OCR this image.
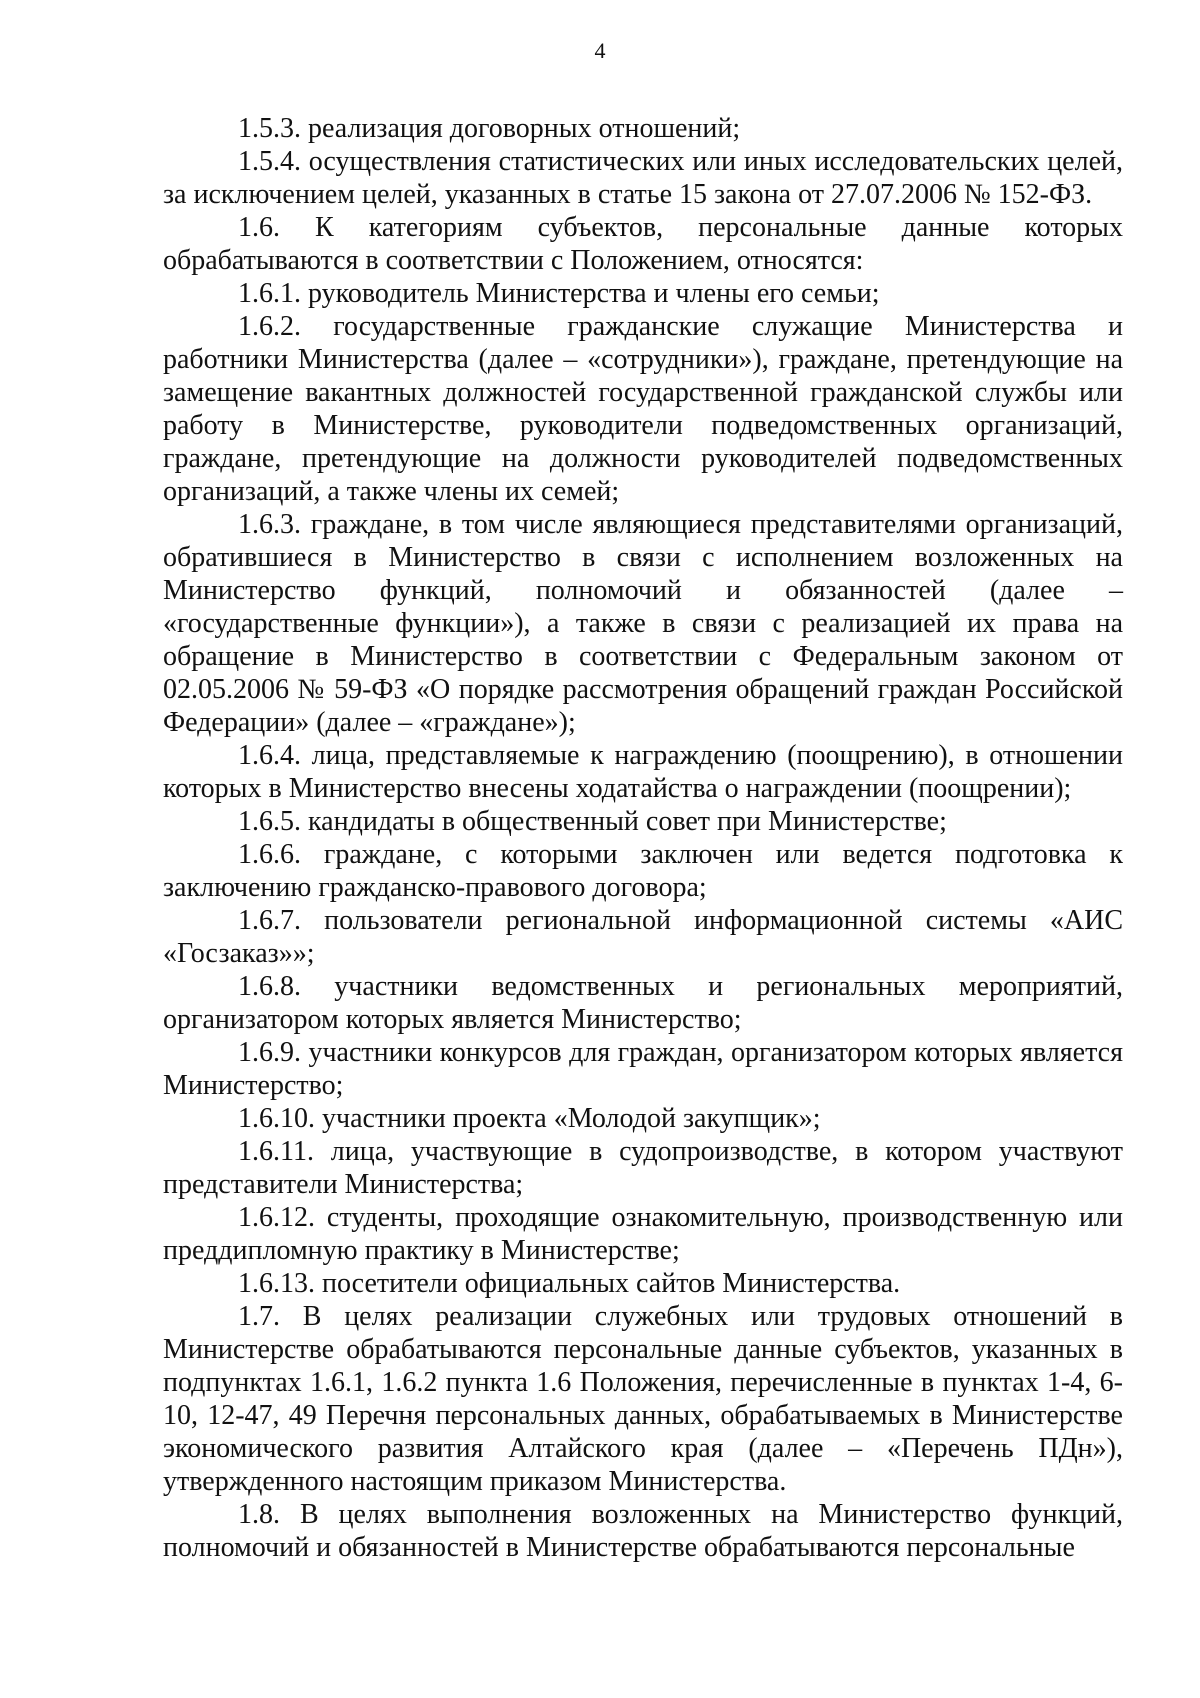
4

1.5.3. реализация договорных отношений;

1.5.4. осуществления статистических или иных исследовательских целей, за исключением целей, указанных в статье 15 закона от 27.07.2006 № 152-ФЗ.

1.6. К категориям субъектов, персональные данные которых обрабатываются в соответствии с Положением, относятся:

1.6.1. руководитель Министерства и члены его семьи;

1.6.2. государственные гражданские служащие Министерства и работники Министерства (далее – «сотрудники»), граждане, претендующие на замещение вакантных должностей государственной гражданской службы или работу в Министерстве, руководители подведомственных организаций, граждане, претендующие на должности руководителей подведомственных организаций, а также члены их семей;

1.6.3. граждане, в том числе являющиеся представителями организаций, обратившиеся в Министерство в связи с исполнением возложенных на Министерство функций, полномочий и обязанностей (далее – «государственные функции»), а также в связи с реализацией их права на обращение в Министерство в соответствии с Федеральным законом от 02.05.2006 № 59-ФЗ «О порядке рассмотрения обращений граждан Российской Федерации» (далее – «граждане»);

1.6.4. лица, представляемые к награждению (поощрению), в отношении которых в Министерство внесены ходатайства о награждении (поощрении);

1.6.5. кандидаты в общественный совет при Министерстве;

1.6.6. граждане, с которыми заключен или ведется подготовка к заключению гражданско-правового договора;

1.6.7. пользователи региональной информационной системы «АИС «Госзаказ»»;

1.6.8. участники ведомственных и региональных мероприятий, организатором которых является Министерство;

1.6.9. участники конкурсов для граждан, организатором которых является Министерство;

1.6.10. участники проекта «Молодой закупщик»;

1.6.11. лица, участвующие в судопроизводстве, в котором участвуют представители Министерства;

1.6.12. студенты, проходящие ознакомительную, производственную или преддипломную практику в Министерстве;

1.6.13. посетители официальных сайтов Министерства.

1.7. В целях реализации служебных или трудовых отношений в Министерстве обрабатываются персональные данные субъектов, указанных в подпунктах 1.6.1, 1.6.2 пункта 1.6 Положения, перечисленные в пунктах 1-4, 6-10, 12-47, 49 Перечня персональных данных, обрабатываемых в Министерстве экономического развития Алтайского края (далее – «Перечень ПДн»), утвержденного настоящим приказом Министерства.

1.8. В целях выполнения возложенных на Министерство функций, полномочий и обязанностей в Министерстве обрабатываются персональные
